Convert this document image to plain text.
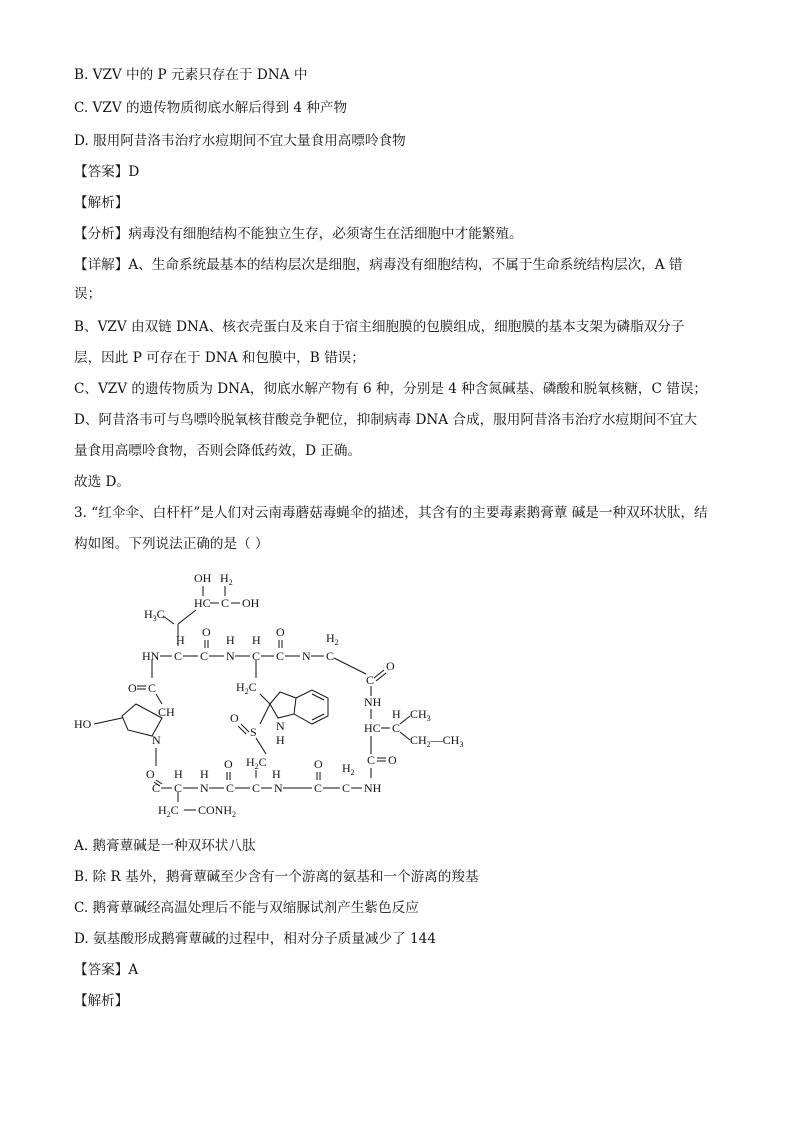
B. VZV 中的 P 元素只存在于 DNA 中
C. VZV 的遗传物质彻底水解后得到 4 种产物
D. 服用阿昔洛韦治疗水痘期间不宜大量食用高嘌呤食物
【答案】D
【解析】
【分析】病毒没有细胞结构不能独立生存，必须寄生在活细胞中才能繁殖。
【详解】A、生命系统最基本的结构层次是细胞，病毒没有细胞结构，不属于生命系统结构层次，A 错
误；
B、VZV 由双链 DNA、核衣壳蛋白及来自于宿主细胞膜的包膜组成，细胞膜的基本支架为磷脂双分子
层，因此 P 可存在于 DNA 和包膜中，B 错误；
C、VZV 的遗传物质为 DNA，彻底水解产物有 6 种，分别是 4 种含氮碱基、磷酸和脱氧核糖，C 错误；
D、阿昔洛韦可与鸟嘌呤脱氧核苷酸竞争靶位，抑制病毒 DNA 合成，服用阿昔洛韦治疗水痘期间不宜大
量食用高嘌呤食物，否则会降低药效，D 正确。
故选 D。
3. “红伞伞、白杆杆”是人们对云南毒蘑菇毒蝇伞的描述，其含有的主要毒素鹅膏蕈 碱是一种双环状肽，结
构如图。下列说法正确的是（ ）
OH $H_2$
HC C OH
$H_3C$
O
H	H H
O	$H_2$
HN C C N C C N C
C
O
NH
$H_2C$
N
H
O
S
O C
CH
HO
N
HC
H
C
$CH_3$
$CH_2—CH_3$
C O
O H H
O $H_2C$
H
O $H_2$
C C N C C N	C C NH
$H_2C$ $CONH_2$
A. 鹅膏蕈碱是一种双环状八肽
B. 除 R 基外，鹅膏蕈碱至少含有一个游离的氨基和一个游离的羧基
C. 鹅膏蕈碱经高温处理后不能与双缩脲试剂产生紫色反应
D. 氨基酸形成鹅膏蕈碱的过程中，相对分子质量减少了 144
【答案】A
【解析】
